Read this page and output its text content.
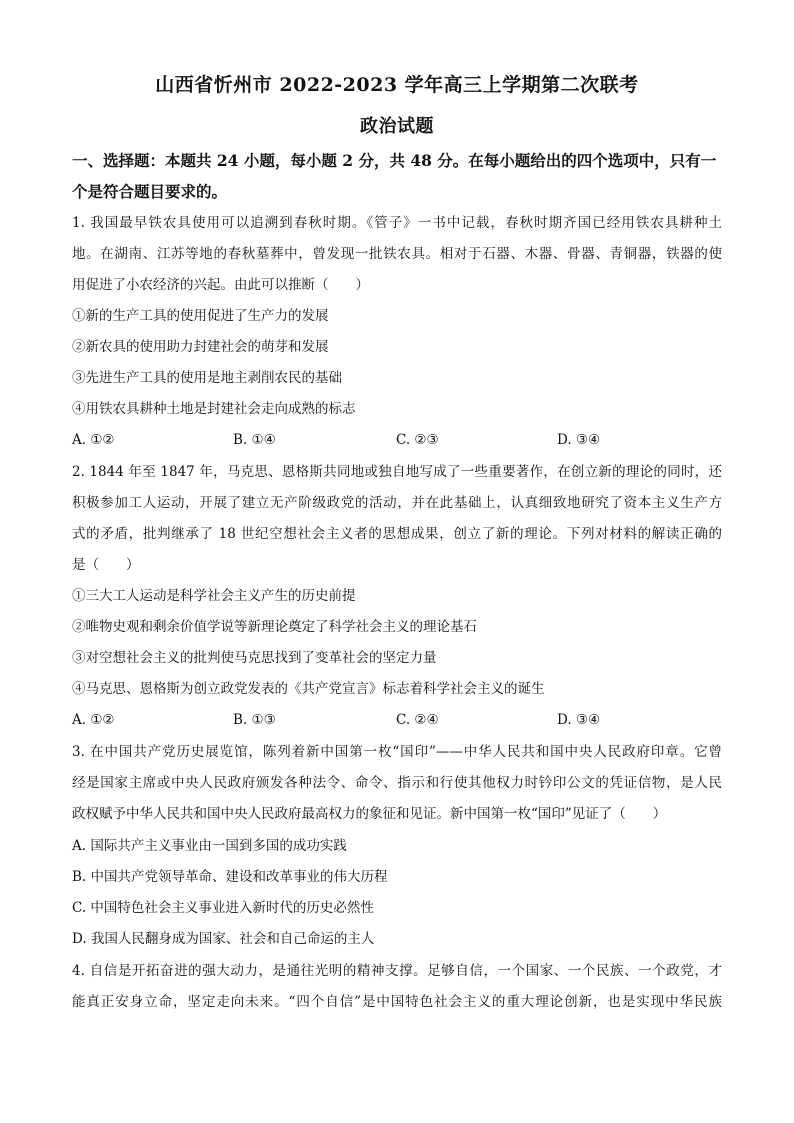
山西省忻州市 2022-2023 学年高三上学期第二次联考
政治试题
一、选择题：本题共 24 小题，每小题 2 分，共 48 分。在每小题给出的四个选项中，只有一
个是符合题目要求的。
1. 我国最早铁农具使用可以追溯到春秋时期。《管子》一书中记载，春秋时期齐国已经用铁农具耕种土
地。在湖南、江苏等地的春秋墓葬中，曾发现一批铁农具。相对于石器、木器、骨器、青铜器，铁器的使
用促进了小农经济的兴起。由此可以推断（　　）
①新的生产工具的使用促进了生产力的发展
②新农具的使用助力封建社会的萌芽和发展
③先进生产工具的使用是地主剥削农民的基础
④用铁农具耕种土地是封建社会走向成熟的标志
A. ①②	B. ①④	C. ②③	D. ③④
2. 1844 年至 1847 年，马克思、恩格斯共同地或独自地写成了一些重要著作，在创立新的理论的同时，还
积极参加工人运动，开展了建立无产阶级政党的活动，并在此基础上，认真细致地研究了资本主义生产方
式的矛盾，批判继承了 18 世纪空想社会主义者的思想成果，创立了新的理论。下列对材料的解读正确的
是（　　）
①三大工人运动是科学社会主义产生的历史前提
②唯物史观和剩余价值学说等新理论奠定了科学社会主义的理论基石
③对空想社会主义的批判使马克思找到了变革社会的坚定力量
④马克思、恩格斯为创立政党发表的《共产党宣言》标志着科学社会主义的诞生
A. ①②	B. ①③	C. ②④	D. ③④
3. 在中国共产党历史展览馆，陈列着新中国第一枚“国印”——中华人民共和国中央人民政府印章。它曾
经是国家主席或中央人民政府颁发各种法令、命令、指示和行使其他权力时钤印公文的凭证信物，是人民
政权赋予中华人民共和国中央人民政府最高权力的象征和见证。新中国第一枚“国印”见证了（　　）
A. 国际共产主义事业由一国到多国的成功实践
B. 中国共产党领导革命、建设和改革事业的伟大历程
C. 中国特色社会主义事业进入新时代的历史必然性
D. 我国人民翻身成为国家、社会和自己命运的主人
4. 自信是开拓奋进的强大动力，是通往光明的精神支撑。足够自信，一个国家、一个民族、一个政党，才
能真正安身立命，坚定走向未来。“四个自信”是中国特色社会主义的重大理论创新，也是实现中华民族
